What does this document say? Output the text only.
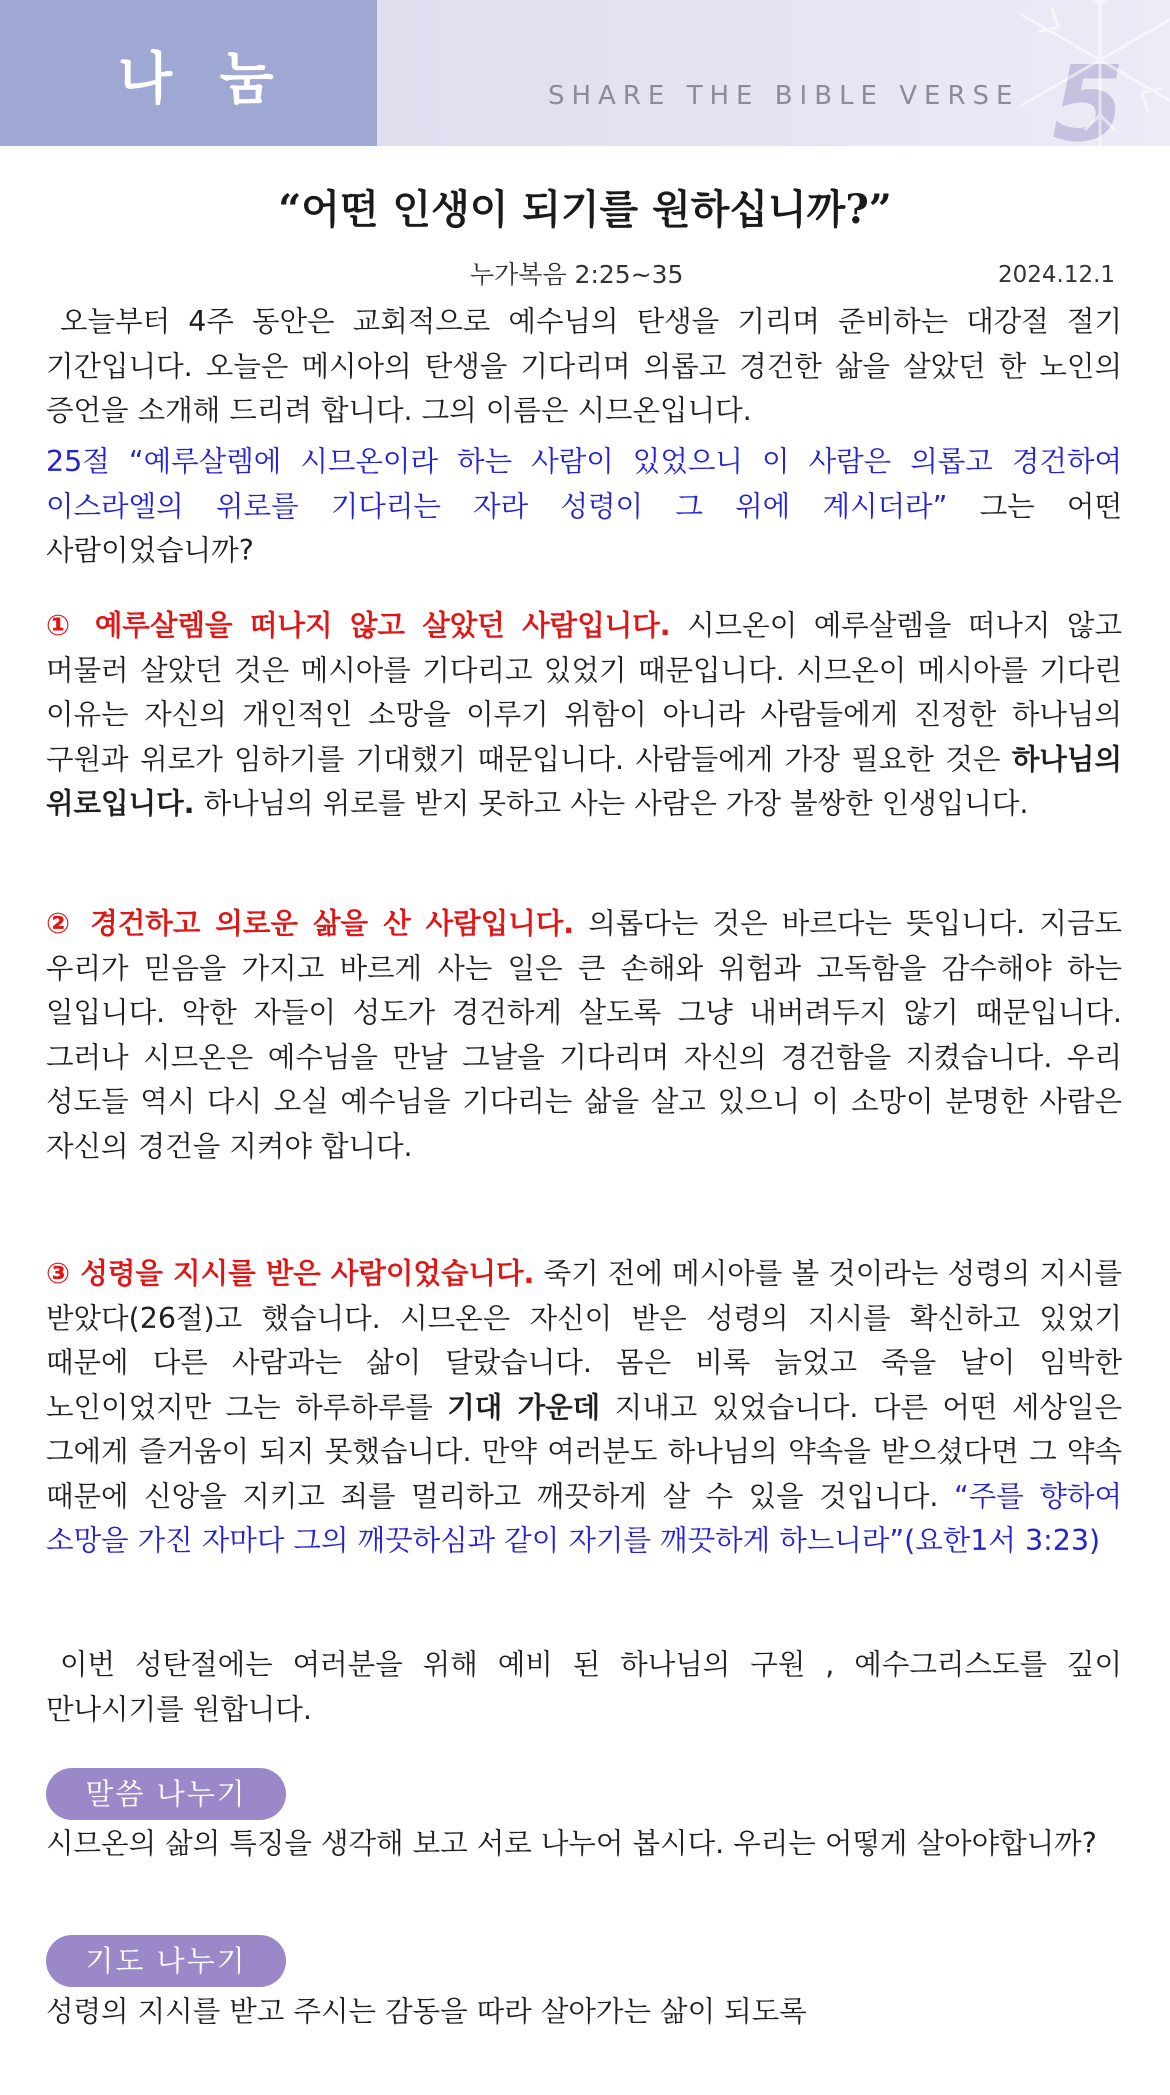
나 눔	SHARE THE BIBLE VERSE 5
“어떤 인생이 되기를 원하십니까?”
누가복음 2:25~35	2024.12.1

오늘부터 4주 동안은 교회적으로 예수님의 탄생을 기리며 준비하는 대강절 절기 기간입니다. 오늘은 메시아의 탄생을 기다리며 의롭고 경건한 삶을 살았던 한 노인의 증언을 소개해 드리려 합니다. 그의 이름은 시므온입니다.

25절 “예루살렘에 시므온이라 하는 사람이 있었으니 이 사람은 의롭고 경건하여 이스라엘의 위로를 기다리는 자라 성령이 그 위에 계시더라” 그는 어떤 사람이었습니까?

① 예루살렘을 떠나지 않고 살았던 사람입니다. 시므온이 예루살렘을 떠나지 않고 머물러 살았던 것은 메시아를 기다리고 있었기 때문입니다. 시므온이 메시아를 기다린 이유는 자신의 개인적인 소망을 이루기 위함이 아니라 사람들에게 진정한 하나님의 구원과 위로가 임하기를 기대했기 때문입니다. 사람들에게 가장 필요한 것은 하나님의 위로입니다. 하나님의 위로를 받지 못하고 사는 사람은 가장 불쌍한 인생입니다.

② 경건하고 의로운 삶을 산 사람입니다. 의롭다는 것은 바르다는 뜻입니다. 지금도 우리가 믿음을 가지고 바르게 사는 일은 큰 손해와 위험과 고독함을 감수해야 하는 일입니다. 악한 자들이 성도가 경건하게 살도록 그냥 내버려두지 않기 때문입니다. 그러나 시므온은 예수님을 만날 그날을 기다리며 자신의 경건함을 지켰습니다. 우리 성도들 역시 다시 오실 예수님을 기다리는 삶을 살고 있으니 이 소망이 분명한 사람은 자신의 경건을 지켜야 합니다.

③ 성령을 지시를 받은 사람이었습니다. 죽기 전에 메시아를 볼 것이라는 성령의 지시를 받았다(26절)고 했습니다. 시므온은 자신이 받은 성령의 지시를 확신하고 있었기 때문에 다른 사람과는 삶이 달랐습니다. 몸은 비록 늙었고 죽을 날이 임박한 노인이었지만 그는 하루하루를 기대 가운데 지내고 있었습니다. 다른 어떤 세상일은 그에게 즐거움이 되지 못했습니다. 만약 여러분도 하나님의 약속을 받으셨다면 그 약속 때문에 신앙을 지키고 죄를 멀리하고 깨끗하게 살 수 있을 것입니다. “주를 향하여 소망을 가진 자마다 그의 깨끗하심과 같이 자기를 깨끗하게 하느니라”(요한1서 3:23)

이번 성탄절에는 여러분을 위해 예비 된 하나님의 구원 , 예수그리스도를 깊이 만나시기를 원합니다.

말씀 나누기

시므온의 삶의 특징을 생각해 보고 서로 나누어 봅시다. 우리는 어떻게 살아야합니까?

기도 나누기

성령의 지시를 받고 주시는 감동을 따라 살아가는 삶이 되도록
